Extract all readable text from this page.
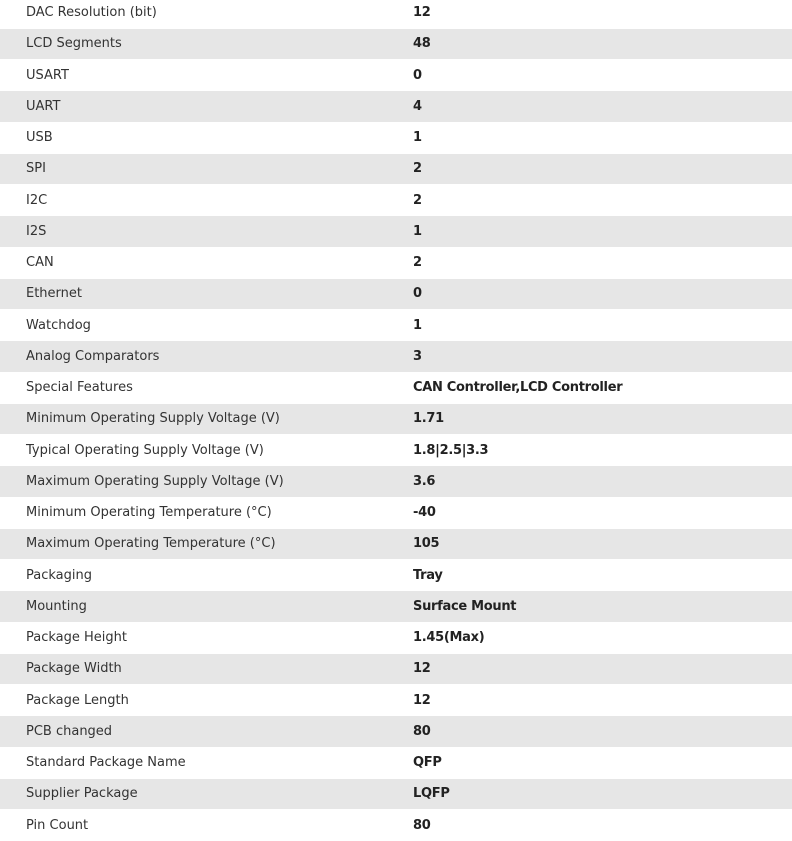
DAC Resolution (bit)	12
LCD Segments	48
USART	0
UART	4
USB	1
SPI	2
I2C	2
I2S	1
CAN	2
Ethernet	0
Watchdog	1
Analog Comparators	3
Special Features	CAN Controller,LCD Controller
Minimum Operating Supply Voltage (V)	1.71
Typical Operating Supply Voltage (V)	1.8|2.5|3.3
Maximum Operating Supply Voltage (V)	3.6
Minimum Operating Temperature (°C)	-40
Maximum Operating Temperature (°C)	105
Packaging	Tray
Mounting	Surface Mount
Package Height	1.45(Max)
Package Width	12
Package Length	12
PCB changed	80
Standard Package Name	QFP
Supplier Package	LQFP
Pin Count	80
